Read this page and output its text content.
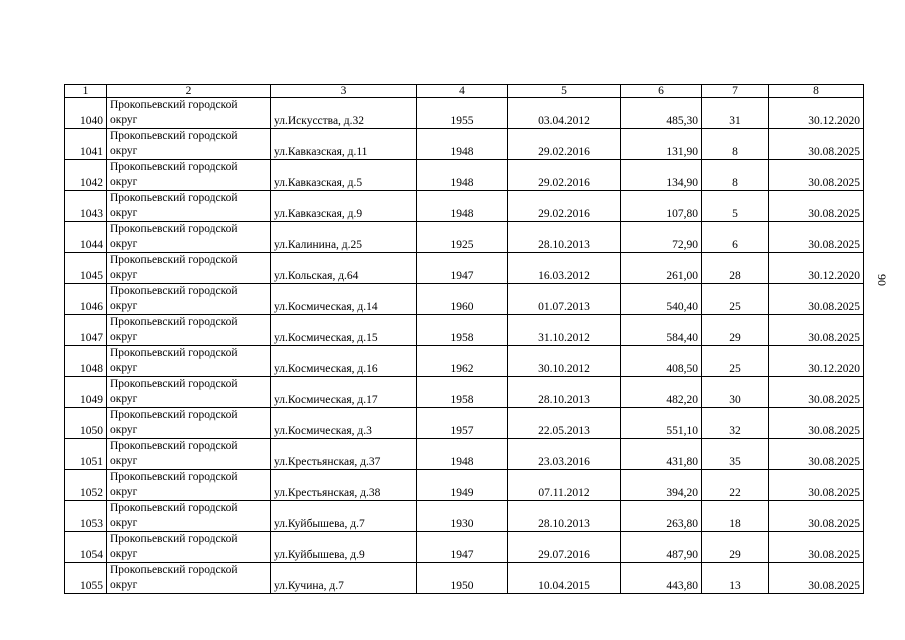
1	2	3	4	5	6	7	8
1040	Прокопьевский городской округ	ул.Искусства, д.32	1955	03.04.2012	485,30	31	30.12.2020
1041	Прокопьевский городской округ	ул.Кавказская, д.11	1948	29.02.2016	131,90	8	30.08.2025
1042	Прокопьевский городской округ	ул.Кавказская, д.5	1948	29.02.2016	134,90	8	30.08.2025
1043	Прокопьевский городской округ	ул.Кавказская, д.9	1948	29.02.2016	107,80	5	30.08.2025
1044	Прокопьевский городской округ	ул.Калинина, д.25	1925	28.10.2013	72,90	6	30.08.2025
1045	Прокопьевский городской округ	ул.Кольская, д.64	1947	16.03.2012	261,00	28	30.12.2020
1046	Прокопьевский городской округ	ул.Космическая, д.14	1960	01.07.2013	540,40	25	30.08.2025
1047	Прокопьевский городской округ	ул.Космическая, д.15	1958	31.10.2012	584,40	29	30.08.2025
1048	Прокопьевский городской округ	ул.Космическая, д.16	1962	30.10.2012	408,50	25	30.12.2020
1049	Прокопьевский городской округ	ул.Космическая, д.17	1958	28.10.2013	482,20	30	30.08.2025
1050	Прокопьевский городской округ	ул.Космическая, д.3	1957	22.05.2013	551,10	32	30.08.2025
1051	Прокопьевский городской округ	ул.Крестьянская, д.37	1948	23.03.2016	431,80	35	30.08.2025
1052	Прокопьевский городской округ	ул.Крестьянская, д.38	1949	07.11.2012	394,20	22	30.08.2025
1053	Прокопьевский городской округ	ул.Куйбышева, д.7	1930	28.10.2013	263,80	18	30.08.2025
1054	Прокопьевский городской округ	ул.Куйбышева, д.9	1947	29.07.2016	487,90	29	30.08.2025
1055	Прокопьевский городской округ	ул.Кучина, д.7	1950	10.04.2015	443,80	13	30.08.2025
90
